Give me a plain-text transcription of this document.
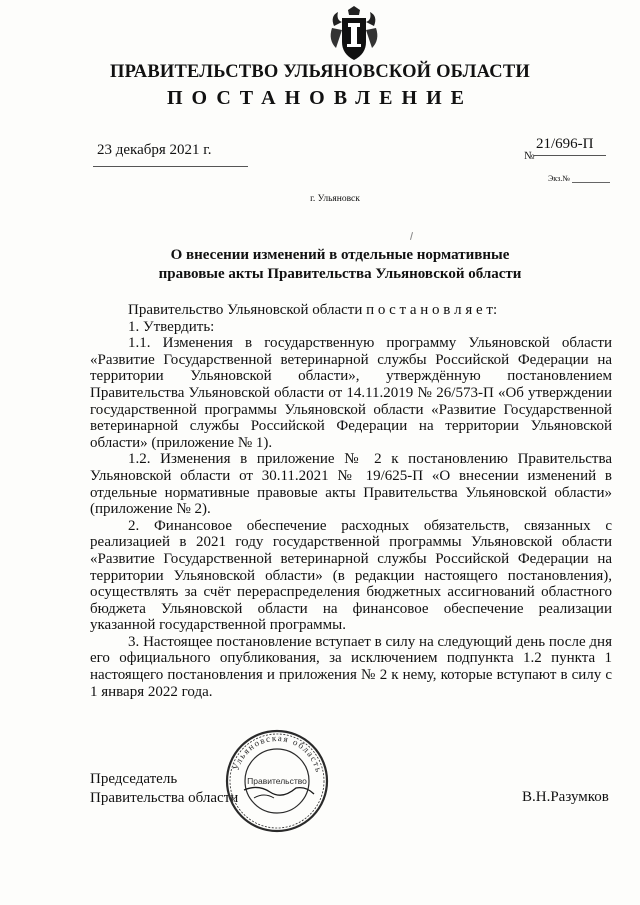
ПРАВИТЕЛЬСТВО УЛЬЯНОВСКОЙ ОБЛАСТИ
ПОСТАНОВЛЕНИЕ
23 декабря 2021 г.	№
21/696-П
Экз.№
г. Ульяновск
О внесении изменений в отдельные нормативные
правовые акты Правительства Ульяновской области

Правительство Ульяновской области п о с т а н о в л я е т:

1. Утвердить:

1.1. Изменения в государственную программу Ульяновской области «Развитие Государственной ветеринарной службы Российской Федерации на территории Ульяновской области», утверждённую постановлением Правительства Ульяновской области от 14.11.2019 № 26/573-П «Об утверждении государственной программы Ульяновской области «Развитие Государственной ветеринарной службы Российской Федерации на территории Ульяновской области» (приложение № 1).

1.2. Изменения в приложение № 2 к постановлению Правительства Ульяновской области от 30.11.2021 № 19/625-П «О внесении изменений в отдельные нормативные правовые акты Правительства Ульяновской области» (приложение № 2).

2. Финансовое обеспечение расходных обязательств, связанных с реализацией в 2021 году государственной программы Ульяновской области «Развитие Государственной ветеринарной службы Российской Федерации на территории Ульяновской области» (в редакции настоящего постановления), осуществлять за счёт перераспределения бюджетных ассигнований областного бюджета Ульяновской области на финансовое обеспечение реализации указанной государственной программы.

3. Настоящее постановление вступает в силу на следующий день после дня его официального опубликования, за исключением подпункта 1.2 пункта 1 настоящего постановления и приложения № 2 к нему, которые вступают в силу с 1 января 2022 года.

Председатель
Правительства области	В.Н.Разумков
Ульяновская область
Правительство
